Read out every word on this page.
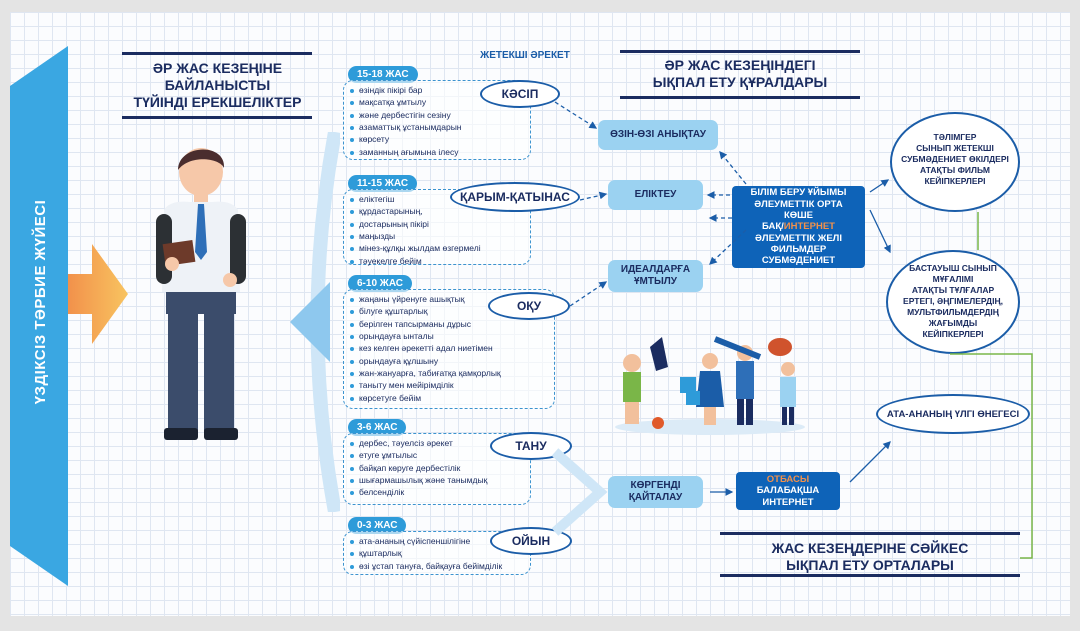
ҮЗДІКСІЗ ТӘРБИЕ ЖҮЙЕСІ
ӘР ЖАС КЕЗЕҢІНЕ
БАЙЛАНЫСТЫ
ТҮЙІНДІ ЕРЕКШЕЛІКТЕР
ЖЕТЕКШІ ӘРЕКЕТ
15-18 ЖАС
өзіндік пікірі бар
мақсатқа ұмтылу
және дербестігін сезіну
азаматтық ұстанымдарын
көрсету
заманның ағымына ілесу
КӘСІП
11-15 ЖАС
еліктегіш
құрдастарының,
достарының пікірі
маңызды
мінез-құлқы жылдам өзгермелі
тәуекелге бейім
ҚАРЫМ-ҚАТЫНАС
6-10 ЖАС
жаңаны үйренуге ашықтық
білуге құштарлық
берілген тапсырманы дұрыс
орындауға ынталы
кез келген әрекетті адал ниетімен
орындауға құлшыну
жан-жануарға, табиғатқа қамқорлық
таныту мен мейірімділік
көрсетуге бейім
ОҚУ
3-6 ЖАС
дербес, тәуелсіз әрекет
етуге ұмтылыс
байқап көруге дербестілік
шығармашылық және танымдық
белсенділік
ТАНУ
0-3 ЖАС
ата-ананың сүйіспеншілігіне
құштарлық
өзі ұстап тануға, байқауға бейімділік
ОЙЫН
ӘР ЖАС КЕЗЕҢІНДЕГІ
ЫҚПАЛ ЕТУ ҚҰРАЛДАРЫ
ӨЗІН-ӨЗІ АНЫҚТАУ
ЕЛІКТЕУ
ИДЕАЛДАРҒА
ҰМТЫЛУ
КӨРГЕНДІ
ҚАЙТАЛАУ
БІЛІМ БЕРУ ҰЙЫМЫ
ӘЛЕУМЕТТІК ОРТА
КӨШЕ
БАҚ/ИНТЕРНЕТ
ӘЛЕУМЕТТІК ЖЕЛІ
ФИЛЬМДЕР
СУБМӘДЕНИЕТ
ОТБАСЫ
БАЛАБАҚША
ИНТЕРНЕТ
ТӘЛІМГЕР
СЫНЫП ЖЕТЕКШІ
СУБМӘДЕНИЕТ ӨКІЛДЕРІ
АТАҚТЫ ФИЛЬМ
КЕЙІПКЕРЛЕРІ
БАСТАУЫШ СЫНЫП
МҰҒАЛІМІ
АТАҚТЫ ТҰЛҒАЛАР
ЕРТЕГІ, ӘҢГІМЕЛЕРДІҢ,
МУЛЬТФИЛЬМДЕРДІҢ
ЖАҒЫМДЫ
КЕЙІПКЕРЛЕРІ
АТА-АНАНЫҢ ҮЛГІ ӨНЕГЕСІ
ЖАС КЕЗЕҢДЕРІНЕ СӘЙКЕС
ЫҚПАЛ ЕТУ ОРТАЛАРЫ
